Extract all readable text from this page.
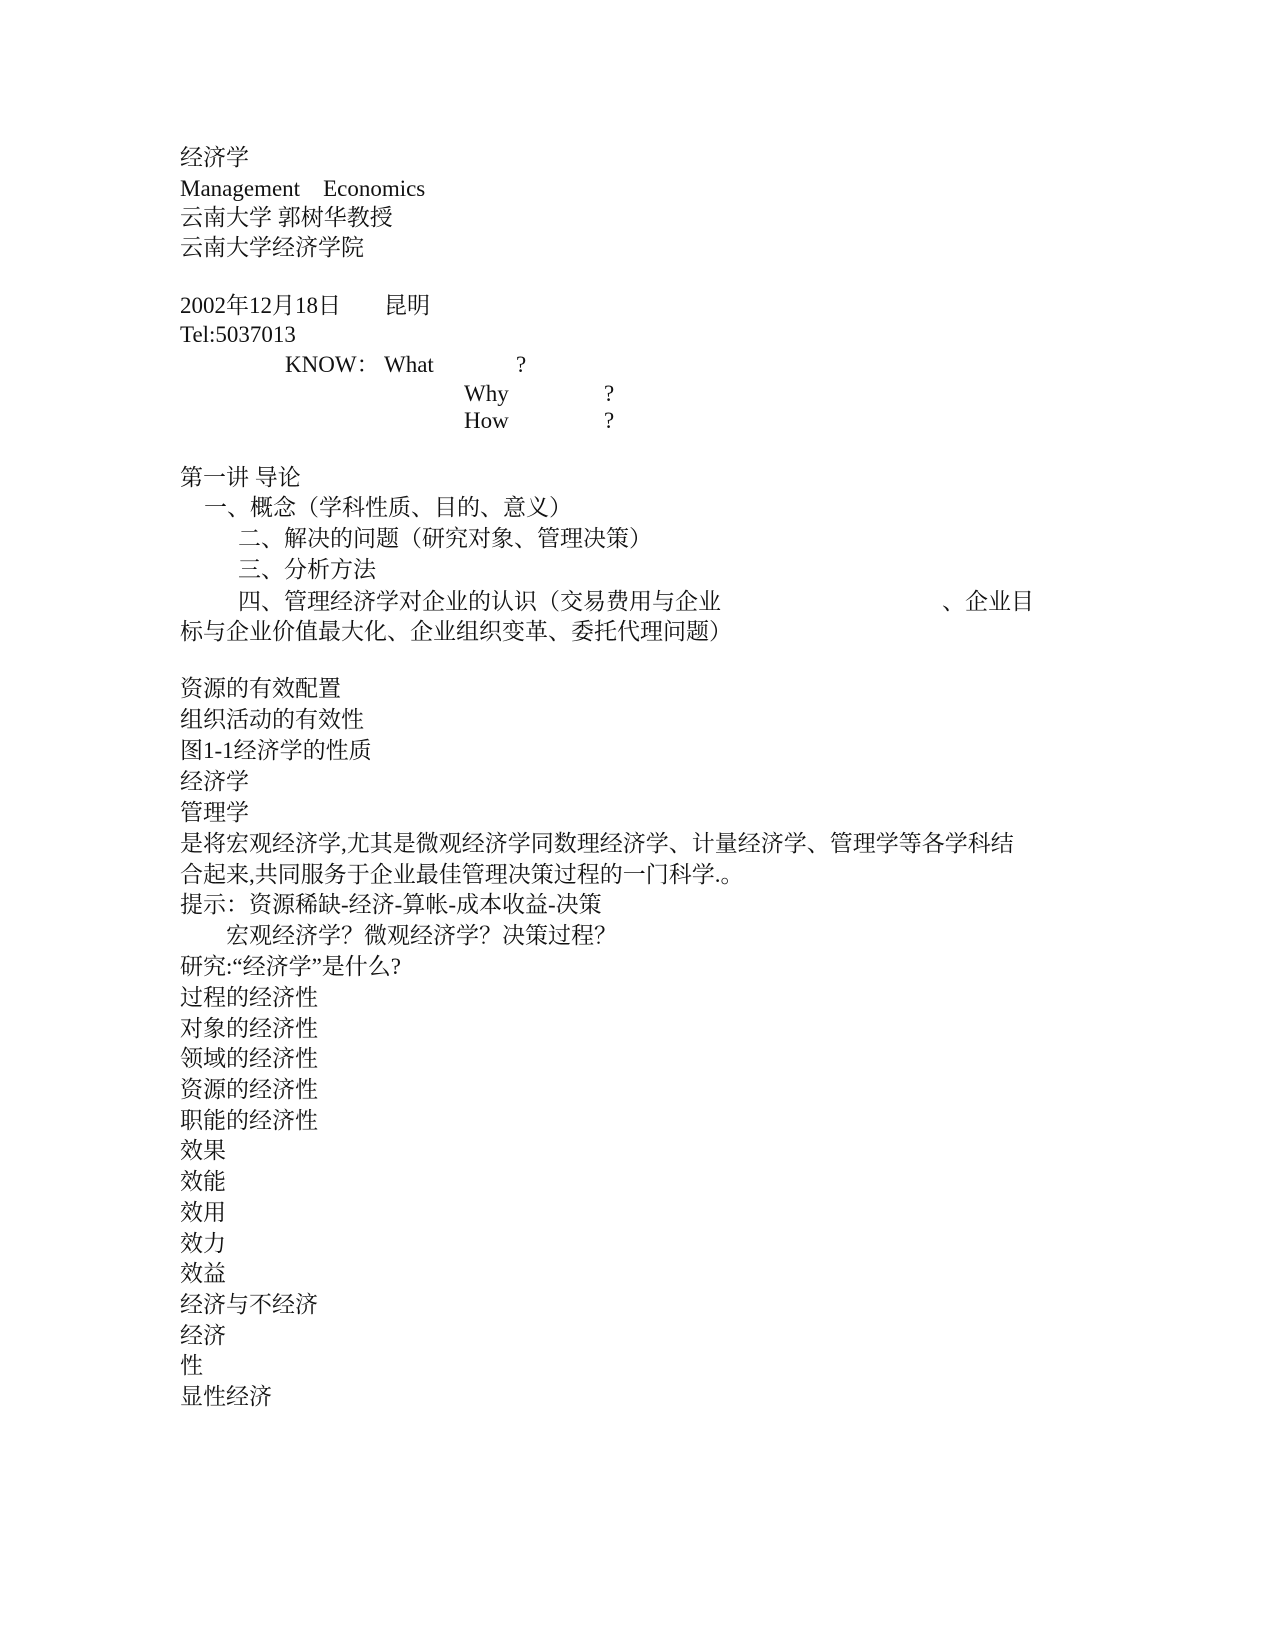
经济学
Management　Economics
云南大学 郭树华教授
云南大学经济学院
2002年12月18日 昆明
Tel:5037013
KNOW： What	?
Why	?
How	?
第一讲 导论
一、概念（学科性质、目的、意义）
二、解决的问题（研究对象、管理决策）
三、分析方法
四、管理经济学对企业的认识（交易费用与企业	、企业目
标与企业价值最大化、企业组织变革、委托代理问题）
资源的有效配置
组织活动的有效性
图1-1经济学的性质
经济学
管理学
是将宏观经济学,尤其是微观经济学同数理经济学、计量经济学、管理学等各学科结
合起来,共同服务于企业最佳管理决策过程的一门科学.。
提示：资源稀缺-经济-算帐-成本收益-决策
宏观经济学？微观经济学？决策过程？
研究:“经济学”是什么?
过程的经济性
对象的经济性
领域的经济性
资源的经济性
职能的经济性
效果
效能
效用
效力
效益
经济与不经济
经济
性
显性经济
